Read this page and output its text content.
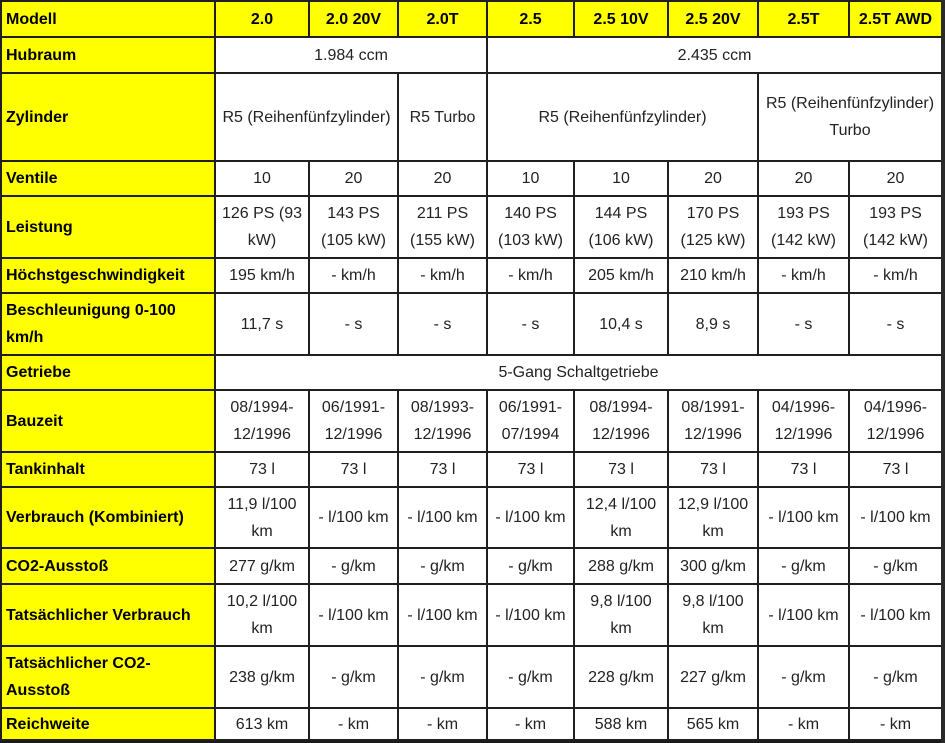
Modell	2.0	2.0 20V	2.0T	2.5	2.5 10V	2.5 20V	2.5T	2.5T AWD
Hubraum	1.984 ccm			2.435 ccm				
Zylinder	R5 (Reihenfünfzylinder)		R5 Turbo	R5 (Reihenfünfzylinder)			R5 (Reihenfünfzylinder) Turbo	
Ventile	10	20	20	10	10	20	20	20
Leistung	126 PS (93 kW)	143 PS (105 kW)	211 PS (155 kW)	140 PS (103 kW)	144 PS (106 kW)	170 PS (125 kW)	193 PS (142 kW)	193 PS (142 kW)
Höchstgeschwindigkeit	195 km/h	- km/h	- km/h	- km/h	205 km/h	210 km/h	- km/h	- km/h
Beschleunigung 0-100 km/h	11,7 s	- s	- s	- s	10,4 s	8,9 s	- s	- s
Getriebe	5-Gang Schaltgetriebe							
Bauzeit	08/1994-12/1996	06/1991-12/1996	08/1993-12/1996	06/1991-07/1994	08/1994-12/1996	08/1991-12/1996	04/1996-12/1996	04/1996-12/1996
Tankinhalt	73 l	73 l	73 l	73 l	73 l	73 l	73 l	73 l
Verbrauch (Kombiniert)	11,9 l/100 km	- l/100 km	- l/100 km	- l/100 km	12,4 l/100 km	12,9 l/100 km	- l/100 km	- l/100 km
CO2-Ausstoß	277 g/km	- g/km	- g/km	- g/km	288 g/km	300 g/km	- g/km	- g/km
Tatsächlicher Verbrauch	10,2 l/100 km	- l/100 km	- l/100 km	- l/100 km	9,8 l/100 km	9,8 l/100 km	- l/100 km	- l/100 km
Tatsächlicher CO2-Ausstoß	238 g/km	- g/km	- g/km	- g/km	228 g/km	227 g/km	- g/km	- g/km
Reichweite	613 km	- km	- km	- km	588 km	565 km	- km	- km
